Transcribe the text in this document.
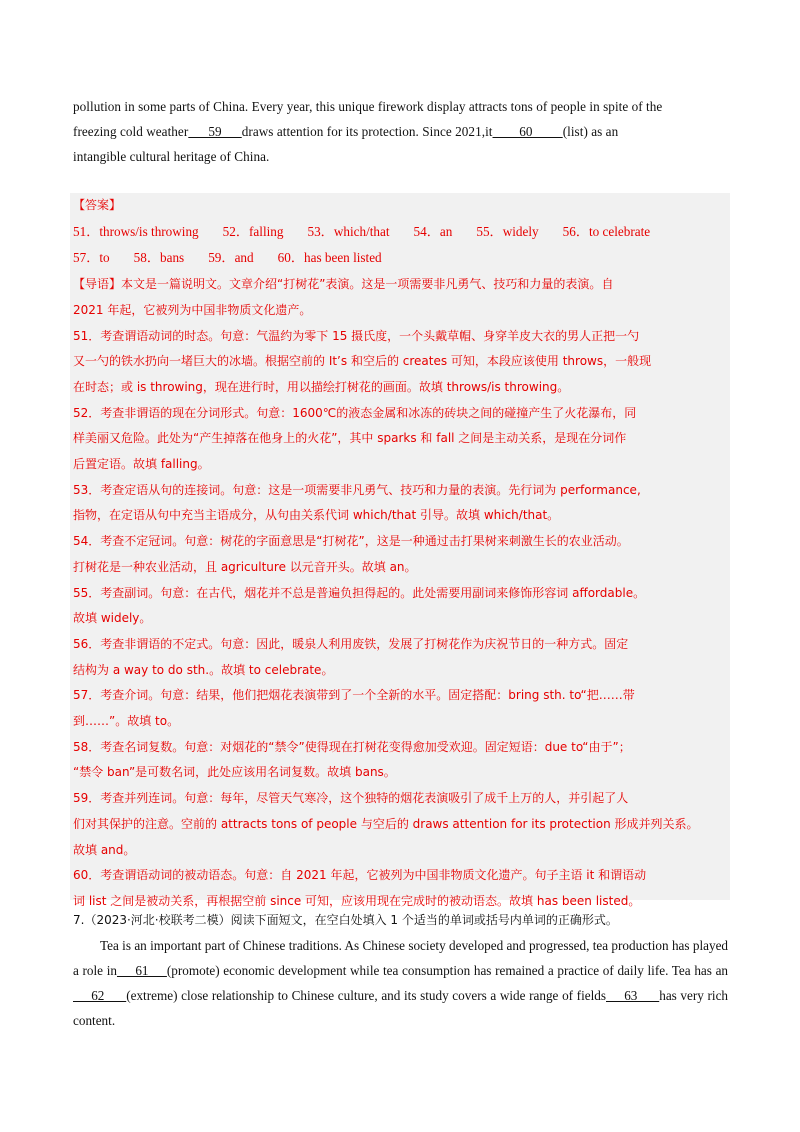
pollution in some parts of China. Every year, this unique firework display attracts tons of people in spite of the

freezing cold weather      59      draws attention for its protection. Since 2021,it        60         (list) as an

intangible cultural heritage of China.

【答案】
51．throws/is throwing 52．falling 53．which/that 54．an 55．widely 56．to celebrate
57．to 58．bans 59．and 60．has been listed
【导语】本文是一篇说明文。文章介绍“打树花”表演。这是一项需要非凡勇气、技巧和力量的表演。自
2021 年起，它被列为中国非物质文化遗产。
51．考查谓语动词的时态。句意：气温约为零下 15 摄氏度，一个头戴草帽、身穿羊皮大衣的男人正把一勺
又一勺的铁水扔向一堵巨大的冰墙。根据空前的 It’s 和空后的 creates 可知，本段应该使用 throws，一般现
在时态；或 is throwing，现在进行时，用以描绘打树花的画面。故填 throws/is throwing。
52．考查非谓语的现在分词形式。句意：1600℃的液态金属和冰冻的砖块之间的碰撞产生了火花瀑布，同
样美丽又危险。此处为“产生掉落在他身上的火花”，其中 sparks 和 fall 之间是主动关系，是现在分词作
后置定语。故填 falling。
53．考查定语从句的连接词。句意：这是一项需要非凡勇气、技巧和力量的表演。先行词为 performance,
指物，在定语从句中充当主语成分，从句由关系代词 which/that 引导。故填 which/that。
54．考查不定冠词。句意：树花的字面意思是“打树花”，这是一种通过击打果树来刺激生长的农业活动。
打树花是一种农业活动，且 agriculture 以元音开头。故填 an。
55．考查副词。句意：在古代，烟花并不总是普遍负担得起的。此处需要用副词来修饰形容词 affordable。
故填 widely。
56．考查非谓语的不定式。句意：因此，暖泉人利用废铁，发展了打树花作为庆祝节日的一种方式。固定
结构为 a way to do sth.。故填 to celebrate。
57．考查介词。句意：结果，他们把烟花表演带到了一个全新的水平。固定搭配：bring sth. to“把……带
到……”。故填 to。
58．考查名词复数。句意：对烟花的“禁令”使得现在打树花变得愈加受欢迎。固定短语：due to“由于”；
“禁令 ban”是可数名词，此处应该用名词复数。故填 bans。
59．考查并列连词。句意：每年，尽管天气寒冷，这个独特的烟花表演吸引了成千上万的人，并引起了人
们对其保护的注意。空前的 attracts tons of people 与空后的 draws attention for its protection 形成并列关系。
故填 and。
60．考查谓语动词的被动语态。句意：自 2021 年起，它被列为中国非物质文化遗产。句子主语 it 和谓语动
词 list 之间是被动关系，再根据空前 since 可知，应该用现在完成时的被动语态。故填 has been listed。
7.（2023·河北·校联考二模）阅读下面短文，在空白处填入 1 个适当的单词或括号内单词的正确形式。

Tea is an important part of Chinese traditions. As Chinese society developed and progressed, tea production has played a role in     61     (promote) economic development while tea consumption has remained a practice of daily life. Tea has an     62      (extreme) close relationship to Chinese culture, and its study covers a wide range of fields     63      has very rich content.
